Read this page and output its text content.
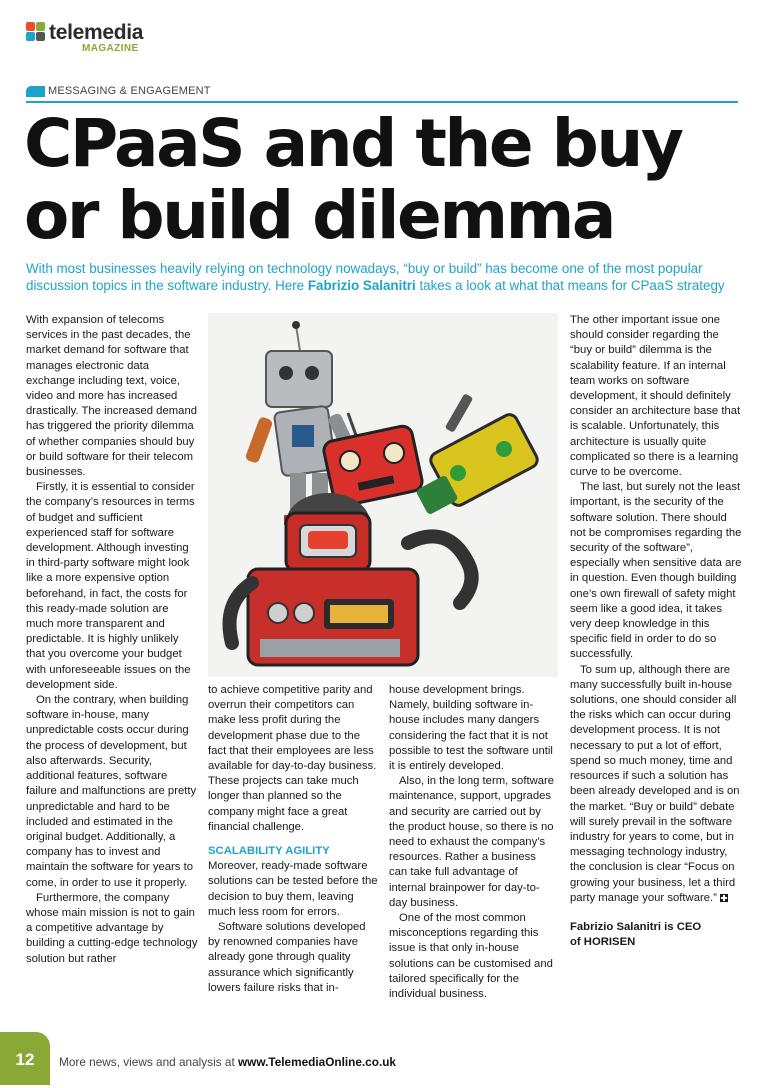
telemedia
MAGAZINE
MESSAGING & ENGAGEMENT
CPaaS and the buy
or build dilemma

With most businesses heavily relying on technology nowadays, “buy or build” has become one of the most popular discussion topics in the software industry. Here Fabrizio Salanitri takes a look at what that means for CPaaS strategy

With expansion of telecoms services in the past decades, the market demand for software that manages electronic data exchange including text, voice, video and more has increased drastically. The increased demand has triggered the priority dilemma of whether companies should buy or build software for their telecom businesses.

Firstly, it is essential to consider the company’s resources in terms of budget and sufficient experienced staff for software development. Although investing in third-party software might look like a more expensive option beforehand, in fact, the costs for this ready-made solution are much more transparent and predictable. It is highly unlikely that you overcome your budget with unforeseeable issues on the development side.

On the contrary, when building software in-house, many unpredictable costs occur during the process of development, but also afterwards. Security, additional features, software failure and malfunctions are pretty unpredictable and hard to be included and estimated in the original budget. Additionally, a company has to invest and maintain the software for years to come, in order to use it properly.

Furthermore, the company whose main mission is not to gain a competitive advantage by building a cutting-edge technology solution but rather

to achieve competitive parity and overrun their competitors can make less profit during the development phase due to the fact that their employees are less available for day-to-day business. These projects can take much longer than planned so the company might face a great financial challenge.

SCALABILITY AGILITY

Moreover, ready-made software solutions can be tested before the decision to buy them, leaving much less room for errors.

Software solutions developed by renowned companies have already gone through quality assurance which significantly lowers failure risks that in-

house development brings. Namely, building software in-house includes many dangers considering the fact that it is not possible to test the software until it is entirely developed.

Also, in the long term, software maintenance, support, upgrades and security are carried out by the product house, so there is no need to exhaust the company’s resources. Rather a business can take full advantage of internal brainpower for day-to-day business.

One of the most common misconceptions regarding this issue is that only in-house solutions can be customised and tailored specifically for the individual business.

The other important issue one should consider regarding the “buy or build” dilemma is the scalability feature. If an internal team works on software development, it should definitely consider an architecture base that is scalable. Unfortunately, this architecture is usually quite complicated so there is a learning curve to be overcome.

The last, but surely not the least important, is the security of the software solution. There should not be compromises regarding the security of the software”, especially when sensitive data are in question. Even though building one’s own firewall of safety might seem like a good idea, it takes very deep knowledge in this specific field in order to do so successfully.

To sum up, although there are many successfully built in-house solutions, one should consider all the risks which can occur during development process. It is not necessary to put a lot of effort, spend so much money, time and resources if such a solution has been already developed and is on the market. “Buy or build” debate will surely prevail in the software industry for years to come, but in messaging technology industry, the conclusion is clear “Focus on growing your business, let a third party manage your software.”

Fabrizio Salanitri is CEO
of HORISEN

12	More news, views and analysis at www.TelemediaOnline.co.uk
